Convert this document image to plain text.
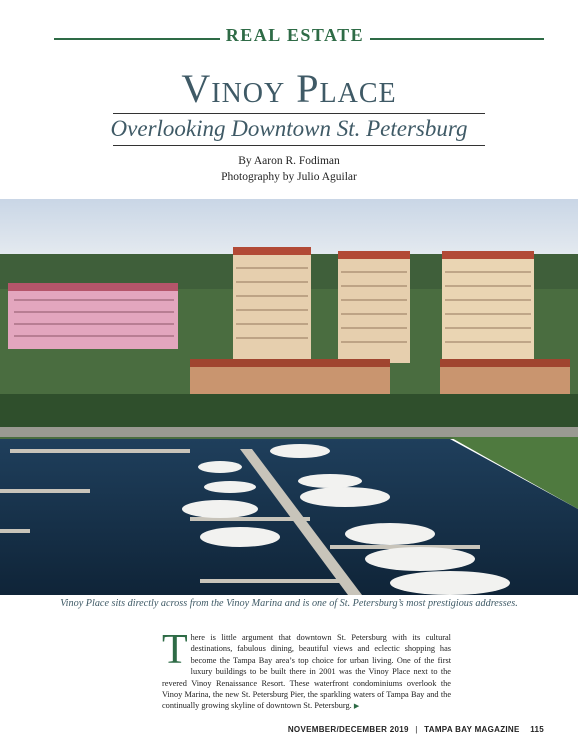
REAL ESTATE
Vinoy Place
Overlooking Downtown St. Petersburg
By Aaron R. Fodiman
Photography by Julio Aguilar
Vinoy Place sits directly across from the Vinoy Marina and is one of St. Petersburg’s most prestigious addresses.
There is little argument that downtown St. Petersburg with its cultural destinations, fabulous dining, beautiful views and eclectic shopping has become the Tampa Bay area’s top choice for urban living. One of the first luxury buildings to be built there in 2001 was the Vinoy Place next to the revered Vinoy Renaissance Resort. These waterfront condominiums overlook the Vinoy Marina, the new St. Petersburg Pier, the sparkling waters of Tampa Bay and the continually growing skyline of downtown St. Petersburg. ▶
NOVEMBER/DECEMBER 2019 | TAMPA BAY MAGAZINE 115
